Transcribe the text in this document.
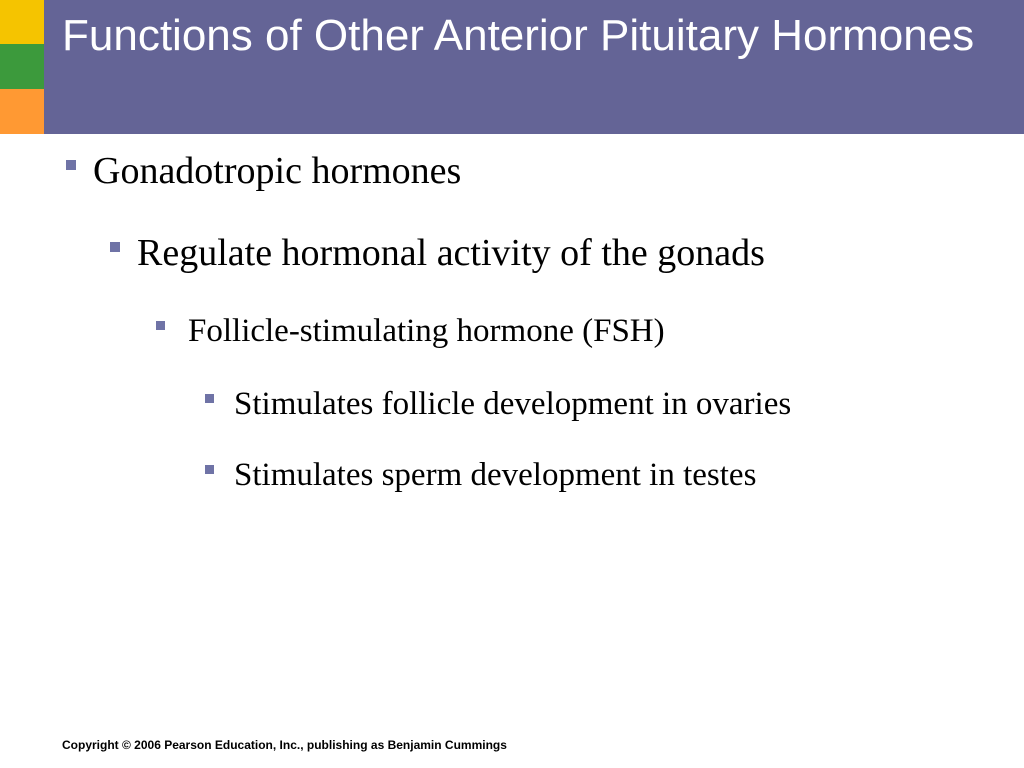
Functions of Other Anterior Pituitary Hormones
Gonadotropic hormones
Regulate hormonal activity of the gonads
Follicle-stimulating hormone (FSH)
Stimulates follicle development in ovaries
Stimulates sperm development in testes
Copyright © 2006 Pearson Education, Inc., publishing as Benjamin Cummings
